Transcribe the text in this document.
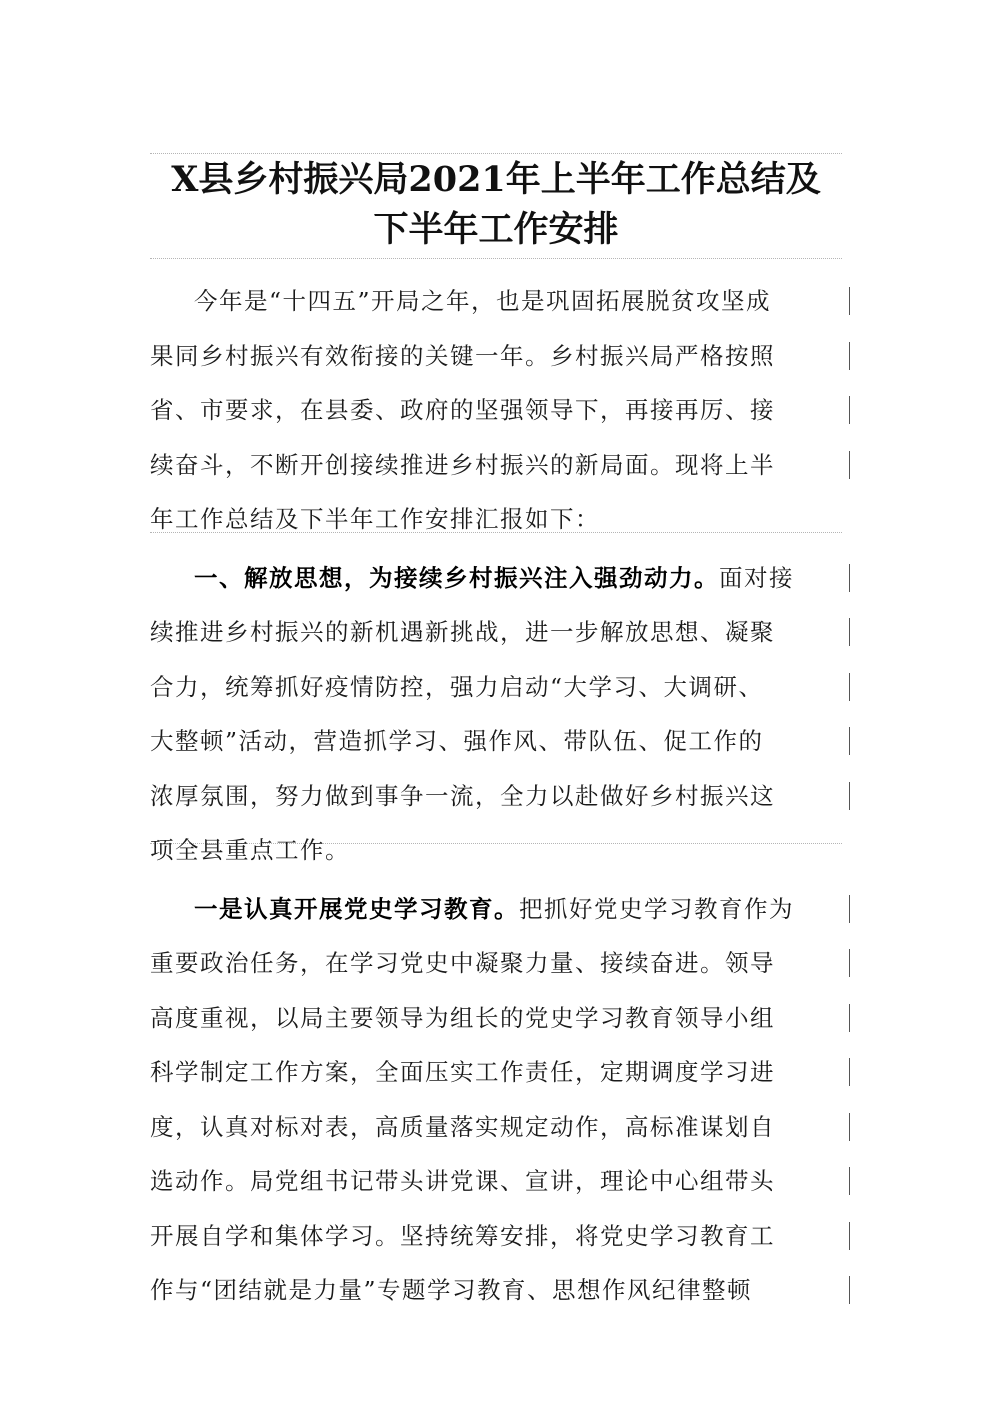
X县乡村振兴局2021年上半年工作总结及
下半年工作安排

今年是“十四五”开局之年，也是巩固拓展脱贫攻坚成
果同乡村振兴有效衔接的关键一年。乡村振兴局严格按照
省、市要求，在县委、政府的坚强领导下，再接再厉、接
续奋斗，不断开创接续推进乡村振兴的新局面。现将上半
年工作总结及下半年工作安排汇报如下：

一、解放思想，为接续乡村振兴注入强劲动力。面对接
续推进乡村振兴的新机遇新挑战，进一步解放思想、凝聚
合力，统筹抓好疫情防控，强力启动“大学习、大调研、
大整顿”活动，营造抓学习、强作风、带队伍、促工作的
浓厚氛围，努力做到事争一流，全力以赴做好乡村振兴这
项全县重点工作。

一是认真开展党史学习教育。把抓好党史学习教育作为
重要政治任务，在学习党史中凝聚力量、接续奋进。领导
高度重视，以局主要领导为组长的党史学习教育领导小组
科学制定工作方案，全面压实工作责任，定期调度学习进
度，认真对标对表，高质量落实规定动作，高标准谋划自
选动作。局党组书记带头讲党课、宣讲，理论中心组带头
开展自学和集体学习。坚持统筹安排，将党史学习教育工
作与“团结就是力量”专题学习教育、思想作风纪律整顿
